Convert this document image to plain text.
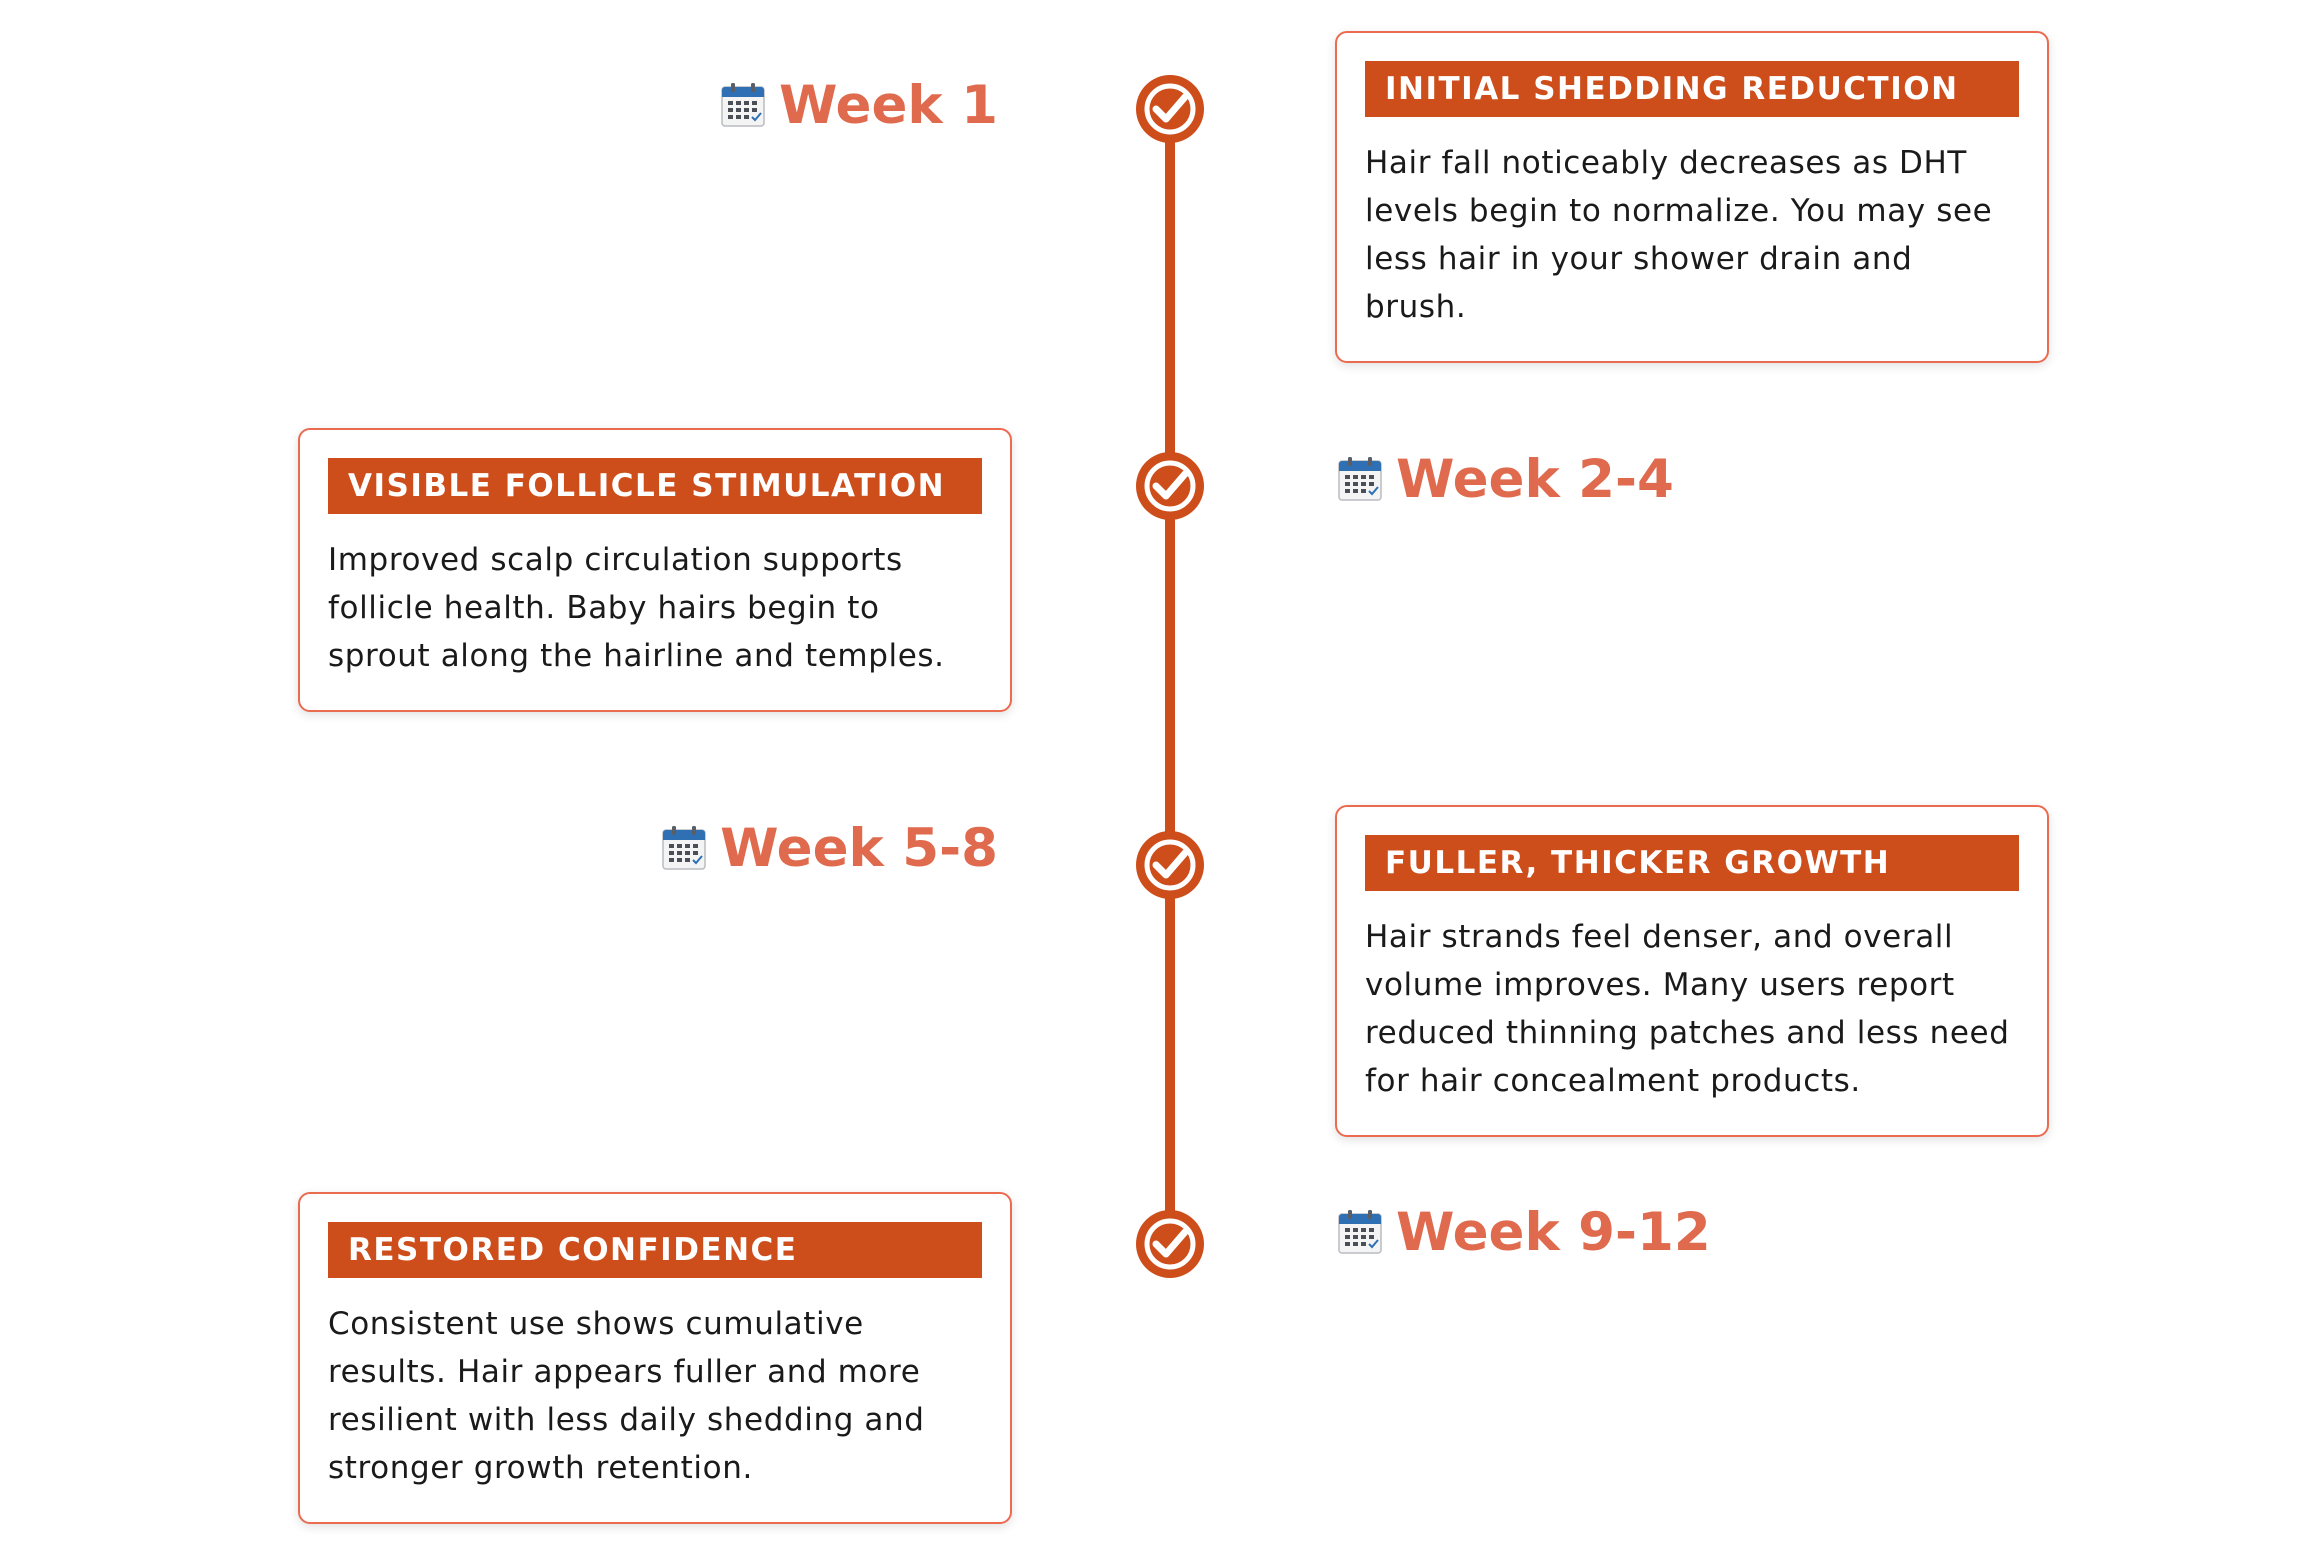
Week 1	INITIAL SHEDDING REDUCTION
Hair fall noticeably decreases as DHT levels begin to normalize. You may see less hair in your shower drain and brush.
Week 2-4
VISIBLE FOLLICLE STIMULATION
Improved scalp circulation supports follicle health. Baby hairs begin to sprout along the hairline and temples.
Week 5-8	FULLER, THICKER GROWTH
Hair strands feel denser, and overall volume improves. Many users report reduced thinning patches and less need for hair concealment products.
Week 9-12
RESTORED CONFIDENCE
Consistent use shows cumulative results. Hair appears fuller and more resilient with less daily shedding and stronger growth retention.
